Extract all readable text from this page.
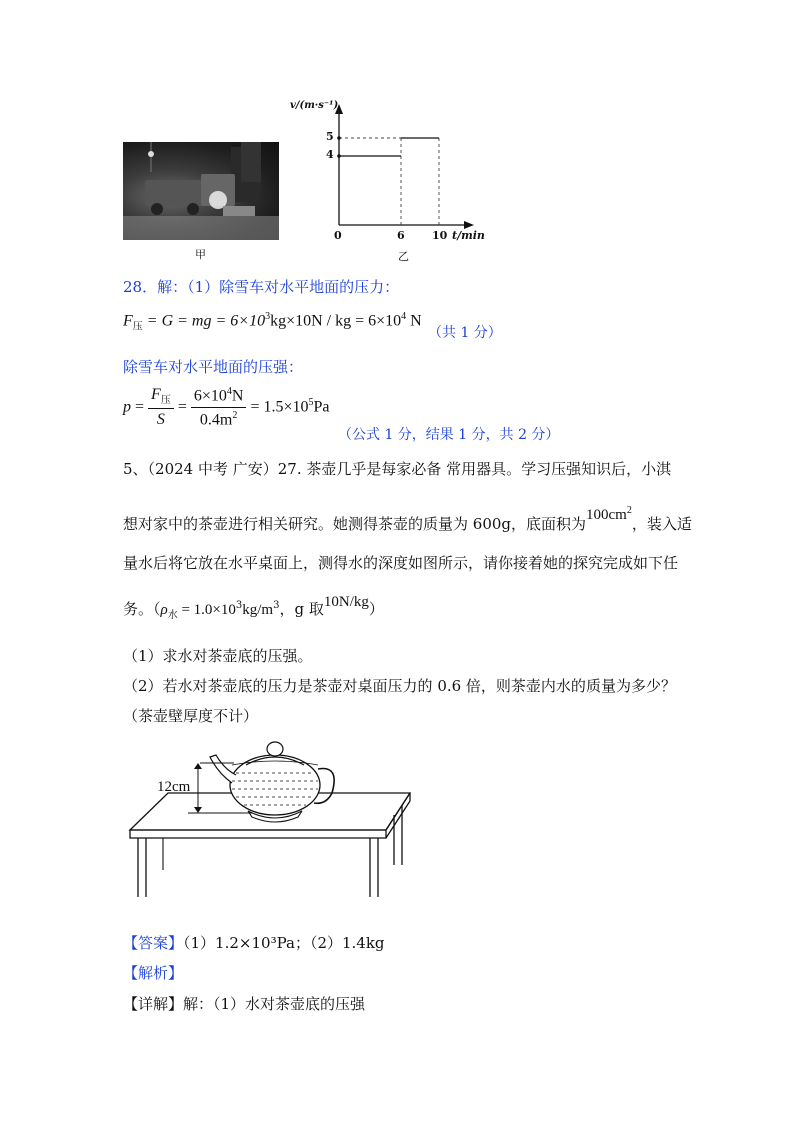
甲
v/(m·s⁻¹)
5
4
0	6 10 t/min
乙
28．解：（1）除雪车对水平地面的压力：
$F_压 = G$ = mg = $6\times 10^3kg\times 10N$ / kg = $6\times 10^4$ N
（共 1 分）
除雪车对水平地面的压强：
$p = \frac{F_压}{S} = \frac{6\times 10^4N}{0.4m^2} = 1.5\times 10^5Pa$
（公式 1 分，结果 1 分，共 2 分）
5、（2024 中考 广安）27. 茶壶几乎是每家必备 常用器具。学习压强知识后，小淇
想对家中的茶壶进行相关研究。她测得茶壶的质量为 600g，底面积为$100cm^2$，装入适
量水后将它放在水平桌面上，测得水的深度如图所示，请你接着她的探究完成如下任
务。（$\rho_水 = 1.0\times 10^3kg/m^3$，g 取10N/kg）
（1）求水对茶壶底的压强。
（2）若水对茶壶底的压力是茶壶对桌面压力的 0.6 倍，则茶壶内水的质量为多少？
（茶壶壁厚度不计）
12cm
【答案】（1）1.2×10³Pa；（2）1.4kg
【解析】
【详解】解：（1）水对茶壶底的压强
